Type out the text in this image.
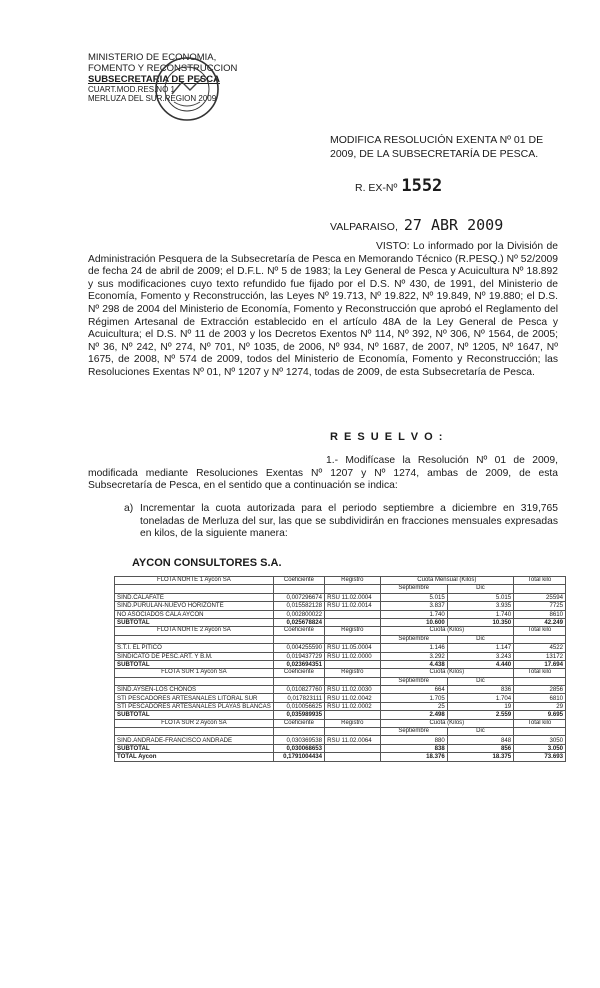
MINISTERIO DE ECONOMIA,
FOMENTO Y RECONSTRUCCION
SUBSECRETARIA DE PESCA
CUART.MOD.RES.NO 1
MERLUZA DEL SUR.REGION 2009
MODIFICA RESOLUCIÓN EXENTA Nº 01 DE 2009, DE LA SUBSECRETARÍA DE PESCA.
R. EX-Nº 1552
VALPARAISO, 27 ABR 2009
VISTO: Lo informado por la División de Administración Pesquera de la Subsecretaría de Pesca en Memorando Técnico (R.PESQ.) Nº 52/2009 de fecha 24 de abril de 2009; el D.F.L. Nº 5 de 1983; la Ley General de Pesca y Acuicultura Nº 18.892 y sus modificaciones cuyo texto refundido fue fijado por el D.S. Nº 430, de 1991, del Ministerio de Economía, Fomento y Reconstrucción, las Leyes Nº 19.713, Nº 19.822, Nº 19.849, Nº 19.880; el D.S. Nº 298 de 2004 del Ministerio de Economía, Fomento y Reconstrucción que aprobó el Reglamento del Régimen Artesanal de Extracción establecido en el artículo 48A de la Ley General de Pesca y Acuicultura; el D.S. Nº 11 de 2003 y los Decretos Exentos Nº 114, Nº 392, Nº 306, Nº 1564, de 2005; Nº 36, Nº 242, Nº 274, Nº 701, Nº 1035, de 2006, Nº 934, Nº 1687, de 2007, Nº 1205, Nº 1647, Nº 1675, de 2008, Nº 574 de 2009, todos del Ministerio de Economía, Fomento y Reconstrucción; las Resoluciones Exentas Nº 01, Nº 1207 y Nº 1274, todas de 2009, de esta Subsecretaría de Pesca.
R E S U E L V O :
1.- Modifícase la Resolución Nº 01 de 2009, modificada mediante Resoluciones Exentas Nº 1207 y Nº 1274, ambas de 2009, de esta Subsecretaría de Pesca, en el sentido que a continuación se indica:
a) Incrementar la cuota autorizada para el periodo septiembre a diciembre en 319,765 toneladas de Merluza del sur, las que se subdividirán en fracciones mensuales expresadas en kilos, de la siguiente manera:
AYCON CONSULTORES S.A.
FLOTA NORTE 1 Aycon SA	Coeficiente	Registro	Cuota Mensual (Kilos)		Total kilo
			Septiembre	Dic	
SIND.CALAFATE	0,007296674	RSU 11.02.0004	5.015	5.015	25594
SIND.PURULAN-NUEVO HORIZONTE	0,015582128	RSU 11.02.0014	3.837	3.935	7725
NO ASOCIADOS CALA AYCON	0,002800022		1.740	1.740	8610
SUBTOTAL	0,025678824		10.600	10.350	42.249
FLOTA NORTE 2 Aycon SA	Coeficiente	Registro	Cuota (Kilos)		Total kilo
			Septiembre	Dic	
S.T.I. EL PITICO	0,004255590	RSU 11.05.0004	1.146	1.147	4522
SINDICATO DE PESC.ART. Y B.M.	0,019437729	RSU 11.02.0000	3.292	3.243	13172
SUBTOTAL	0,023694351		4.438	4.440	17.694
FLOTA SUR 1 Aycon SA	Coeficiente	Registro	Cuota (Kilos)		Total kilo
			Septiembre	Dic	
SIND.AYSEN-LOS CHONOS	0,010827760	RSU 11.02.0030	664	836	2856
STI PESCADORES ARTESANALES LITORAL SUR	0,017823111	RSU 11.02.0042	1.705	1.704	6810
STI PESCADORES ARTESANALES PLAYAS BLANCAS	0,010056625	RSU 11.02.0002	25	19	29
SUBTOTAL	0,035989935		2.498	2.559	9.695
FLOTA SUR 2 Aycon SA	Coeficiente	Registro	Cuota (Kilos)		Total kilo
			Septiembre	Dic	
SIND.ANDRADE-FRANCISCO ANDRADE	0,030369538	RSU 11.02.0064	880	848	3050
SUBTOTAL	0,030068653		838	856	3.050
TOTAL Aycon	0,1791004434		18.376	18.375	73.693
